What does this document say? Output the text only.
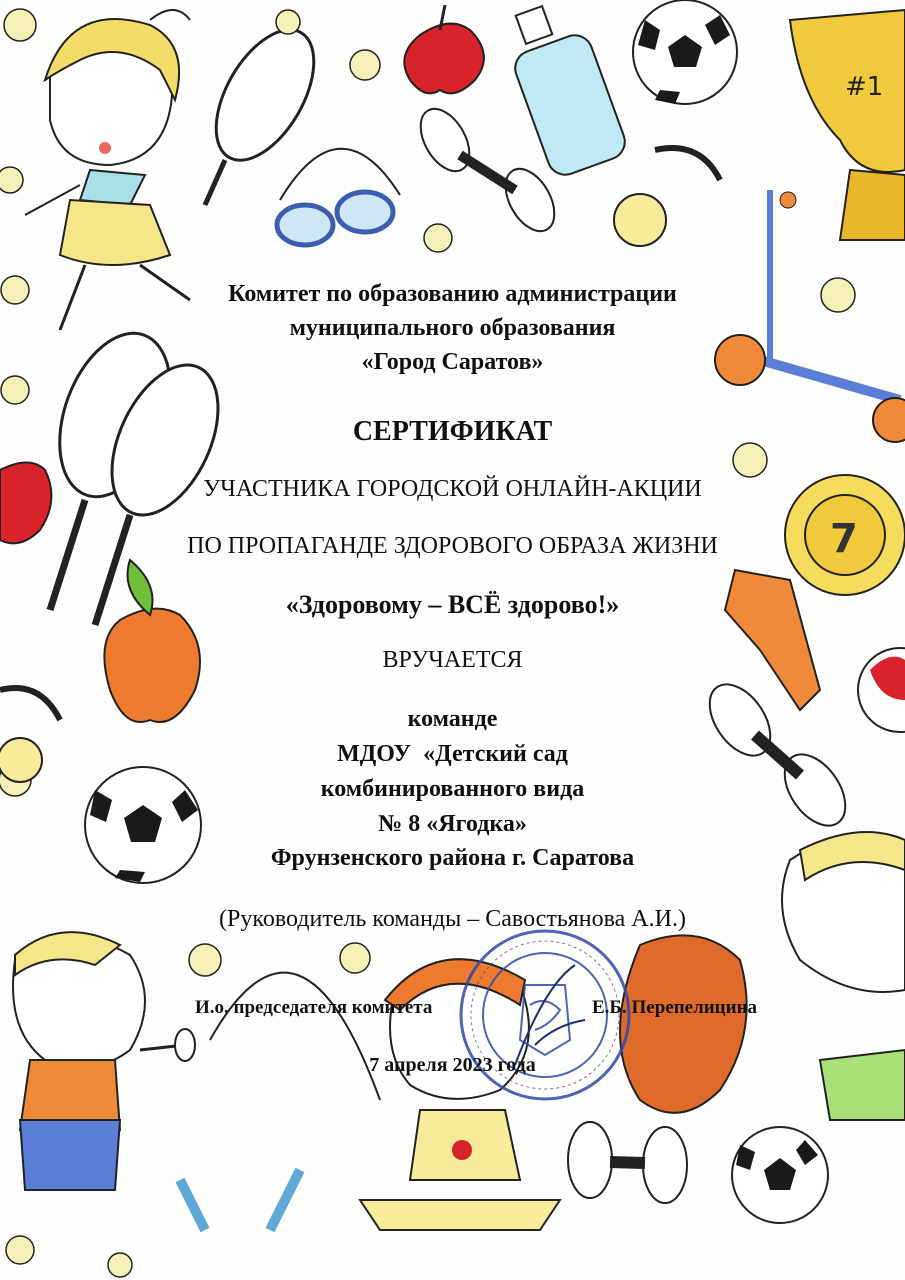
#1
7
Комитет по образованию администрации
муниципального образования
«Город Саратов»
СЕРТИФИКАТ
УЧАСТНИКА ГОРОДСКОЙ ОНЛАЙН-АКЦИИ
ПО ПРОПАГАНДЕ ЗДОРОВОГО ОБРАЗА ЖИЗНИ
«Здоровому – ВСЁ здорово!»
ВРУЧАЕТСЯ
команде
МДОУ  «Детский сад
комбинированного вида
№ 8 «Ягодка»
Фрунзенского района г. Саратова
(Руководитель команды – Савостьянова А.И.)
И.о. председателя комитета	Е.Б. Перепелицина
7 апреля 2023 года
